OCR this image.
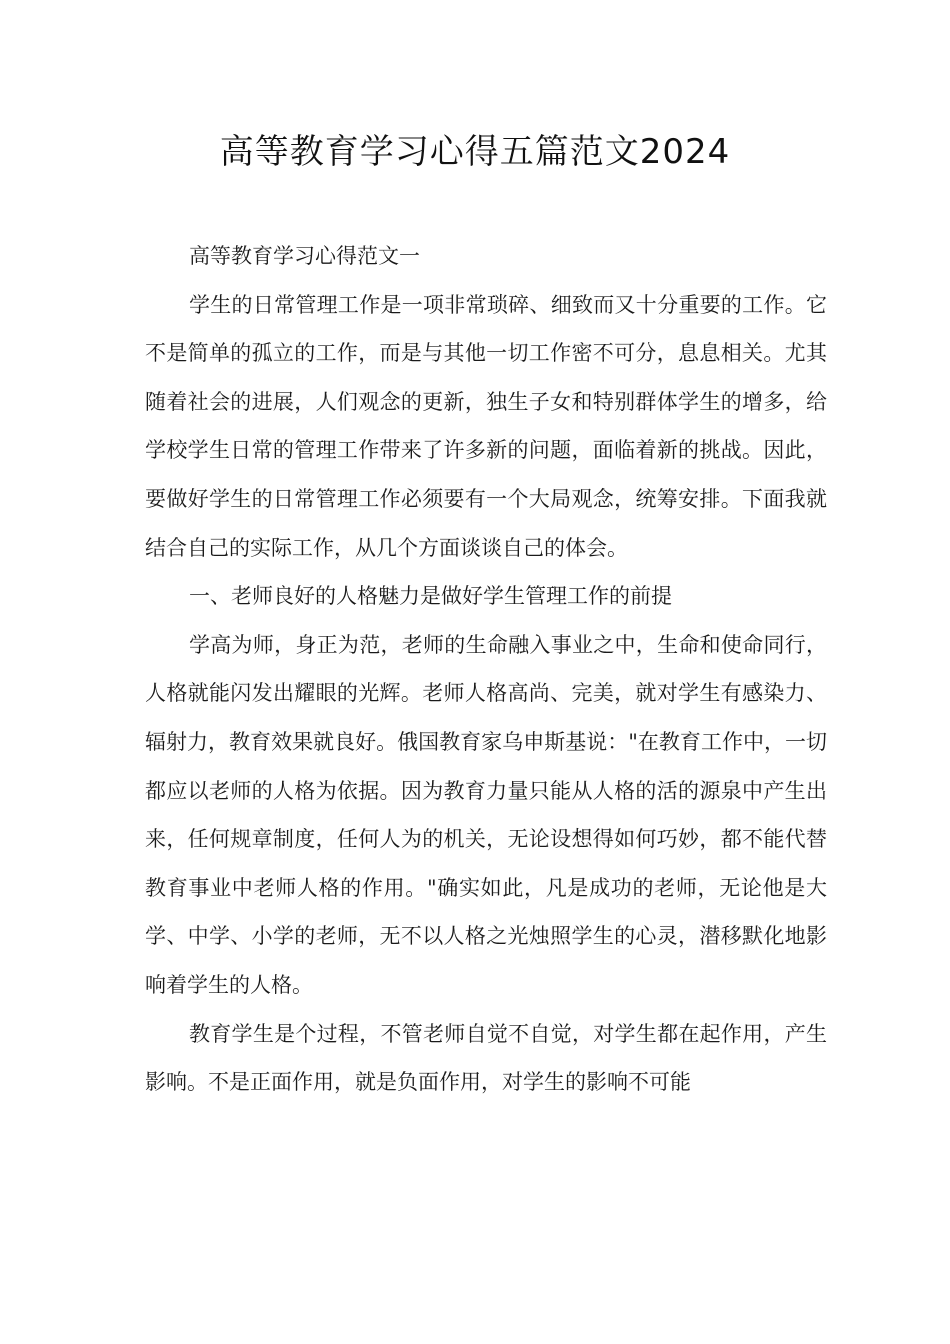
高等教育学习心得五篇范文2024

高等教育学习心得范文一

学生的日常管理工作是一项非常琐碎、细致而又十分重要的工作。它不是简单的孤立的工作，而是与其他一切工作密不可分，息息相关。尤其随着社会的进展，人们观念的更新，独生子女和特别群体学生的增多，给学校学生日常的管理工作带来了许多新的问题，面临着新的挑战。因此，要做好学生的日常管理工作必须要有一个大局观念，统筹安排。下面我就结合自己的实际工作，从几个方面谈谈自己的体会。

一、老师良好的人格魅力是做好学生管理工作的前提

学高为师，身正为范，老师的生命融入事业之中，生命和使命同行，人格就能闪发出耀眼的光辉。老师人格高尚、完美，就对学生有感染力、辐射力，教育效果就良好。俄国教育家乌申斯基说："在教育工作中，一切都应以老师的人格为依据。因为教育力量只能从人格的活的源泉中产生出来，任何规章制度，任何人为的机关，无论设想得如何巧妙，都不能代替教育事业中老师人格的作用。"确实如此，凡是成功的老师，无论他是大学、中学、小学的老师，无不以人格之光烛照学生的心灵，潜移默化地影响着学生的人格。

教育学生是个过程，不管老师自觉不自觉，对学生都在起作用，产生影响。不是正面作用，就是负面作用，对学生的影响不可能
